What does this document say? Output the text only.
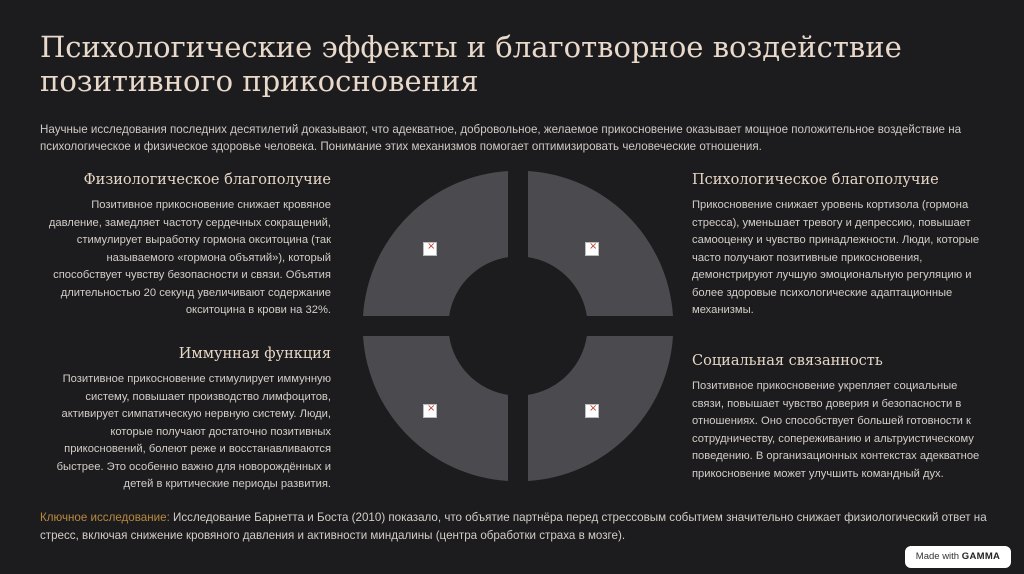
Психологические эффекты и благотворное воздействие позитивного прикосновения

Научные исследования последних десятилетий доказывают, что адекватное, добровольное, желаемое прикосновение оказывает мощное положительное воздействие на психологическое и физическое здоровье человека. Понимание этих механизмов помогает оптимизировать человеческие отношения.

Физиологическое благополучие

Позитивное прикосновение снижает кровяное давление, замедляет частоту сердечных сокращений, стимулирует выработку гормона окситоцина (так называемого «гормона объятий»), который способствует чувству безопасности и связи. Объятия длительностью 20 секунд увеличивают содержание окситоцина в крови на 32%.

Иммунная функция

Позитивное прикосновение стимулирует иммунную систему, повышает производство лимфоцитов, активирует симпатическую нервную систему. Люди, которые получают достаточно позитивных прикосновений, болеют реже и восстанавливаются быстрее. Это особенно важно для новорождённых и детей в критические периоды развития.

Психологическое благополучие

Прикосновение снижает уровень кортизола (гормона стресса), уменьшает тревогу и депрессию, повышает самооценку и чувство принадлежности. Люди, которые часто получают позитивные прикосновения, демонстрируют лучшую эмоциональную регуляцию и более здоровые психологические адаптационные механизмы.

Социальная связанность

Позитивное прикосновение укрепляет социальные связи, повышает чувство доверия и безопасности в отношениях. Оно способствует большей готовности к сотрудничеству, сопереживанию и альтруистическому поведению. В организационных контекстах адекватное прикосновение может улучшить командный дух.

×
×
×
×

Ключное исследование: Исследование Барнетта и Боста (2010) показало, что объятие партнёра перед стрессовым событием значительно снижает физиологический ответ на стресс, включая снижение кровяного давления и активности миндалины (центра обработки страха в мозге).

Made with GAMMA
